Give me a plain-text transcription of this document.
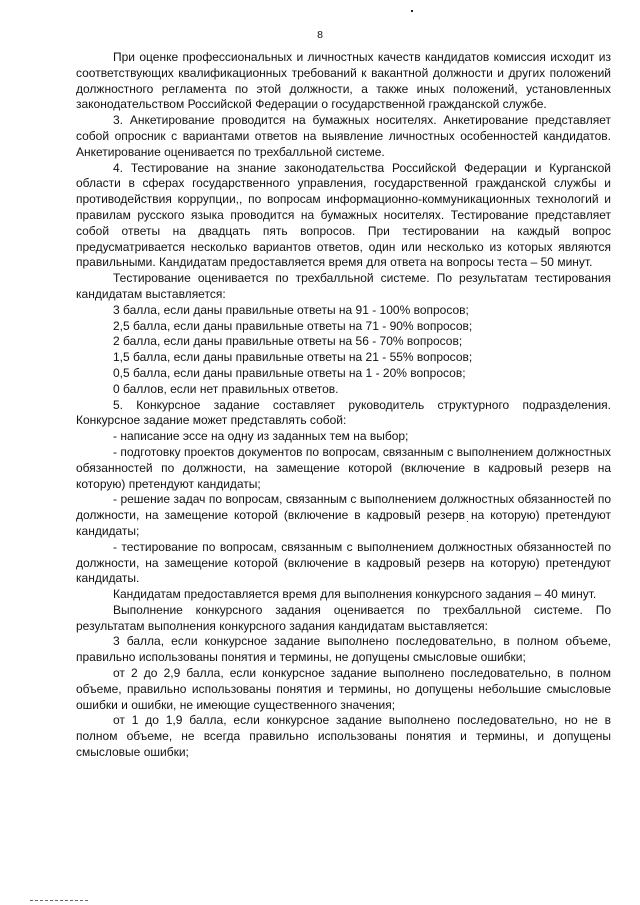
8

При оценке профессиональных и личностных качеств кандидатов комиссия исходит из соответствующих квалификационных требований к вакантной должности и других положений должностного регламента по этой должности, а также иных положений, установленных законодательством Российской Федерации о государственной гражданской службе.

3. Анкетирование проводится на бумажных носителях. Анкетирование представляет собой опросник с вариантами ответов на выявление личностных особенностей кандидатов. Анкетирование оценивается по трехбалльной системе.

4. Тестирование на знание законодательства Российской Федерации и Курганской области в сферах государственного управления, государственной гражданской службы и противодействия коррупции,, по вопросам информационно-коммуникационных технологий и правилам русского языка проводится на бумажных носителях. Тестирование представляет собой ответы на двадцать пять вопросов. При тестировании на каждый вопрос предусматривается несколько вариантов ответов, один или несколько из которых являются правильными. Кандидатам предоставляется время для ответа на вопросы теста – 50 минут.

Тестирование оценивается по трехбалльной системе. По результатам тестирования кандидатам выставляется:

3 балла, если даны правильные ответы на 91 - 100% вопросов;

2,5 балла, если даны правильные ответы на 71 - 90% вопросов;

2 балла, если даны правильные ответы на 56 - 70% вопросов;

1,5 балла, если даны правильные ответы на 21 - 55% вопросов;

0,5 балла, если даны правильные ответы на 1 - 20% вопросов;

0 баллов, если нет правильных ответов.

5. Конкурсное задание составляет руководитель структурного подразделения. Конкурсное задание может представлять собой:

- написание эссе на одну из заданных тем на выбор;

- подготовку проектов документов по вопросам, связанным с выполнением должностных обязанностей по должности, на замещение которой (включение в кадровый резерв на которую) претендуют кандидаты;

- решение задач по вопросам, связанным с выполнением должностных обязанностей по должности, на замещение которой (включение в кадровый резерв на которую) претендуют кандидаты;

- тестирование по вопросам, связанным с выполнением должностных обязанностей по должности, на замещение которой (включение в кадровый резерв на которую) претендуют кандидаты.

Кандидатам предоставляется время для выполнения конкурсного задания – 40 минут.

Выполнение конкурсного задания оценивается по трехбалльной системе. По результатам выполнения конкурсного задания кандидатам выставляется:

3 балла, если конкурсное задание выполнено последовательно, в полном объеме, правильно использованы понятия и термины, не допущены смысловые ошибки;

от 2 до 2,9 балла, если конкурсное задание выполнено последовательно, в полном объеме, правильно использованы понятия и термины, но допущены небольшие смысловые ошибки и ошибки, не имеющие существенного значения;

от 1 до 1,9 балла, если конкурсное задание выполнено последовательно, но не в полном объеме, не всегда правильно использованы понятия и термины, и допущены смысловые ошибки;
